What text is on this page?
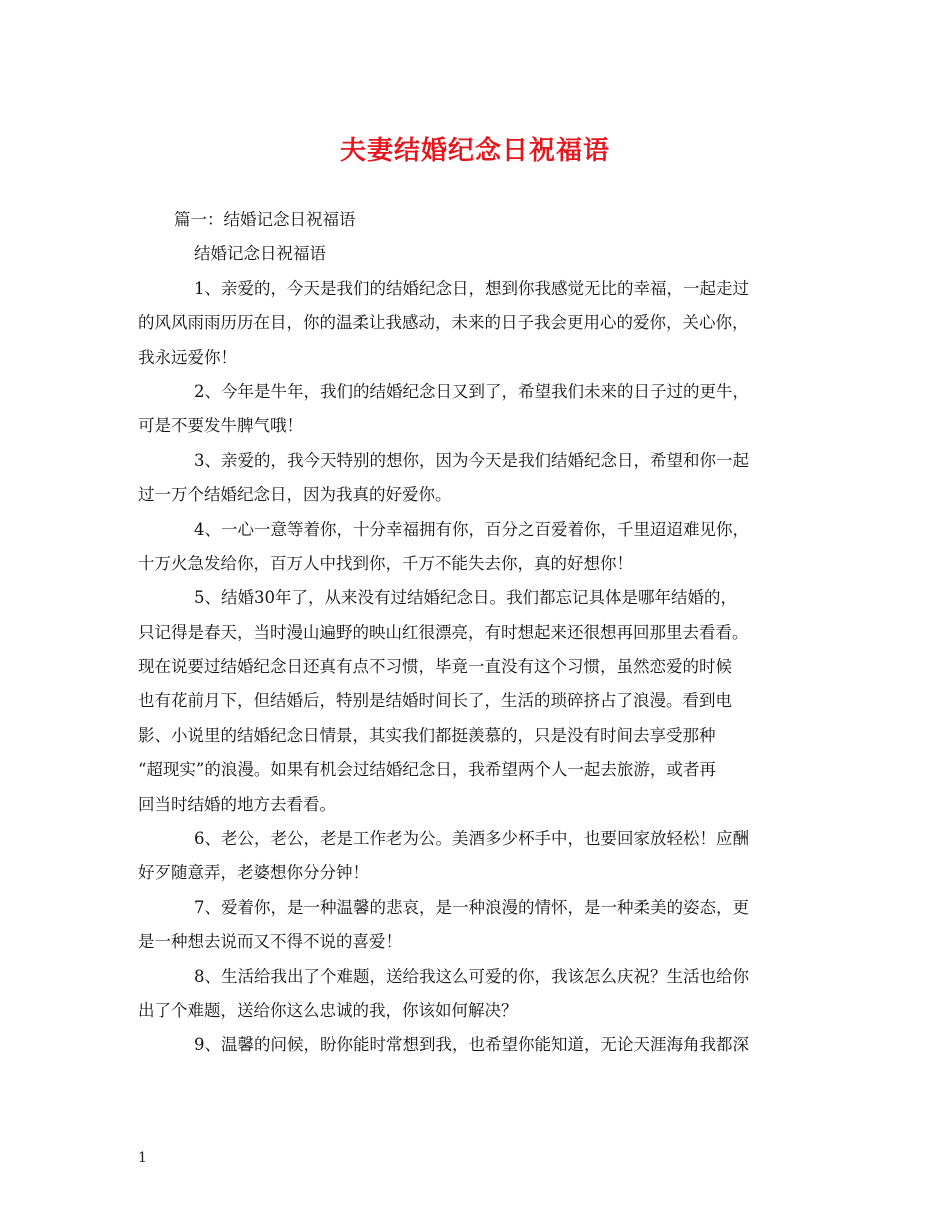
夫妻结婚纪念日祝福语
篇一：结婚记念日祝福语
结婚记念日祝福语
1、亲爱的，今天是我们的结婚纪念日，想到你我感觉无比的幸福，一起走过
的风风雨雨历历在目，你的温柔让我感动，未来的日子我会更用心的爱你，关心你，
我永远爱你！
2、今年是牛年，我们的结婚纪念日又到了，希望我们未来的日子过的更牛，
可是不要发牛脾气哦！
3、亲爱的，我今天特别的想你，因为今天是我们结婚纪念日，希望和你一起
过一万个结婚纪念日，因为我真的好爱你。
4、一心一意等着你，十分幸福拥有你，百分之百爱着你，千里迢迢难见你，
十万火急发给你，百万人中找到你，千万不能失去你，真的好想你！
5、结婚30年了，从来没有过结婚纪念日。我们都忘记具体是哪年结婚的，
只记得是春天，当时漫山遍野的映山红很漂亮，有时想起来还很想再回那里去看看。
现在说要过结婚纪念日还真有点不习惯，毕竟一直没有这个习惯，虽然恋爱的时候
也有花前月下，但结婚后，特别是结婚时间长了，生活的琐碎挤占了浪漫。看到电
影、小说里的结婚纪念日情景，其实我们都挺羡慕的，只是没有时间去享受那种
“超现实”的浪漫。如果有机会过结婚纪念日，我希望两个人一起去旅游，或者再
回当时结婚的地方去看看。
6、老公，老公，老是工作老为公。美酒多少杯手中，也要回家放轻松！应酬
好歹随意弄，老婆想你分分钟！
7、爱着你，是一种温馨的悲哀，是一种浪漫的情怀，是一种柔美的姿态，更
是一种想去说而又不得不说的喜爱！
8、生活给我出了个难题，送给我这么可爱的你，我该怎么庆祝？生活也给你
出了个难题，送给你这么忠诚的我，你该如何解决？
9、温馨的问候，盼你能时常想到我，也希望你能知道，无论天涯海角我都深
1
